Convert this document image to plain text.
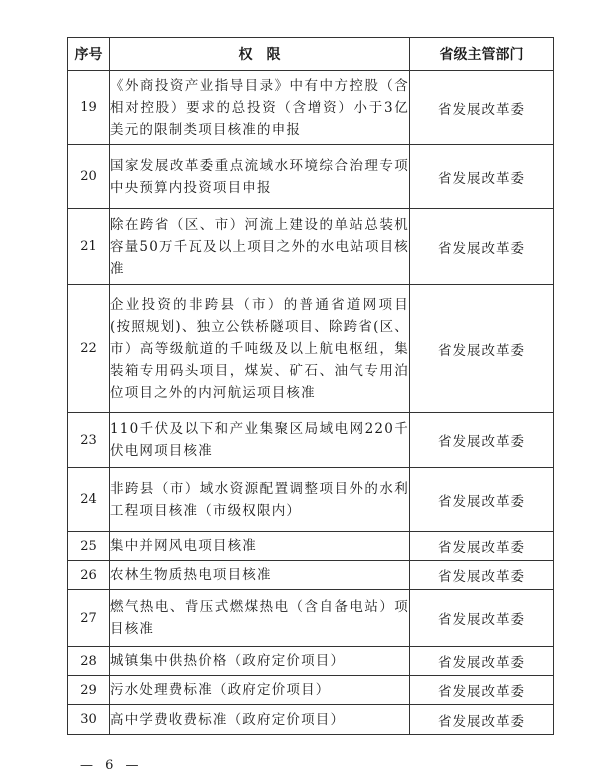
序号	权　限	省级主管部门
19	《外商投资产业指导目录》中有中方控股（含相对控股）要求的总投资（含增资）小于3亿美元的限制类项目核准的申报	省发展改革委
20	国家发展改革委重点流域水环境综合治理专项中央预算内投资项目申报	省发展改革委
21	除在跨省（区、市）河流上建设的单站总装机容量50万千瓦及以上项目之外的水电站项目核准	省发展改革委
22	企业投资的非跨县（市）的普通省道网项目(按照规划)、独立公铁桥隧项目、除跨省(区、市）高等级航道的千吨级及以上航电枢纽，集装箱专用码头项目，煤炭、矿石、油气专用泊位项目之外的内河航运项目核准	省发展改革委
23	110千伏及以下和产业集聚区局域电网220千伏电网项目核准	省发展改革委
24	非跨县（市）域水资源配置调整项目外的水利工程项目核准（市级权限内）	省发展改革委
25	集中并网风电项目核准	省发展改革委
26	农林生物质热电项目核准	省发展改革委
27	燃气热电、背压式燃煤热电（含自备电站）项目核准	省发展改革委
28	城镇集中供热价格（政府定价项目）	省发展改革委
29	污水处理费标准（政府定价项目）	省发展改革委
30	高中学费收费标准（政府定价项目）	省发展改革委
— 6 —
